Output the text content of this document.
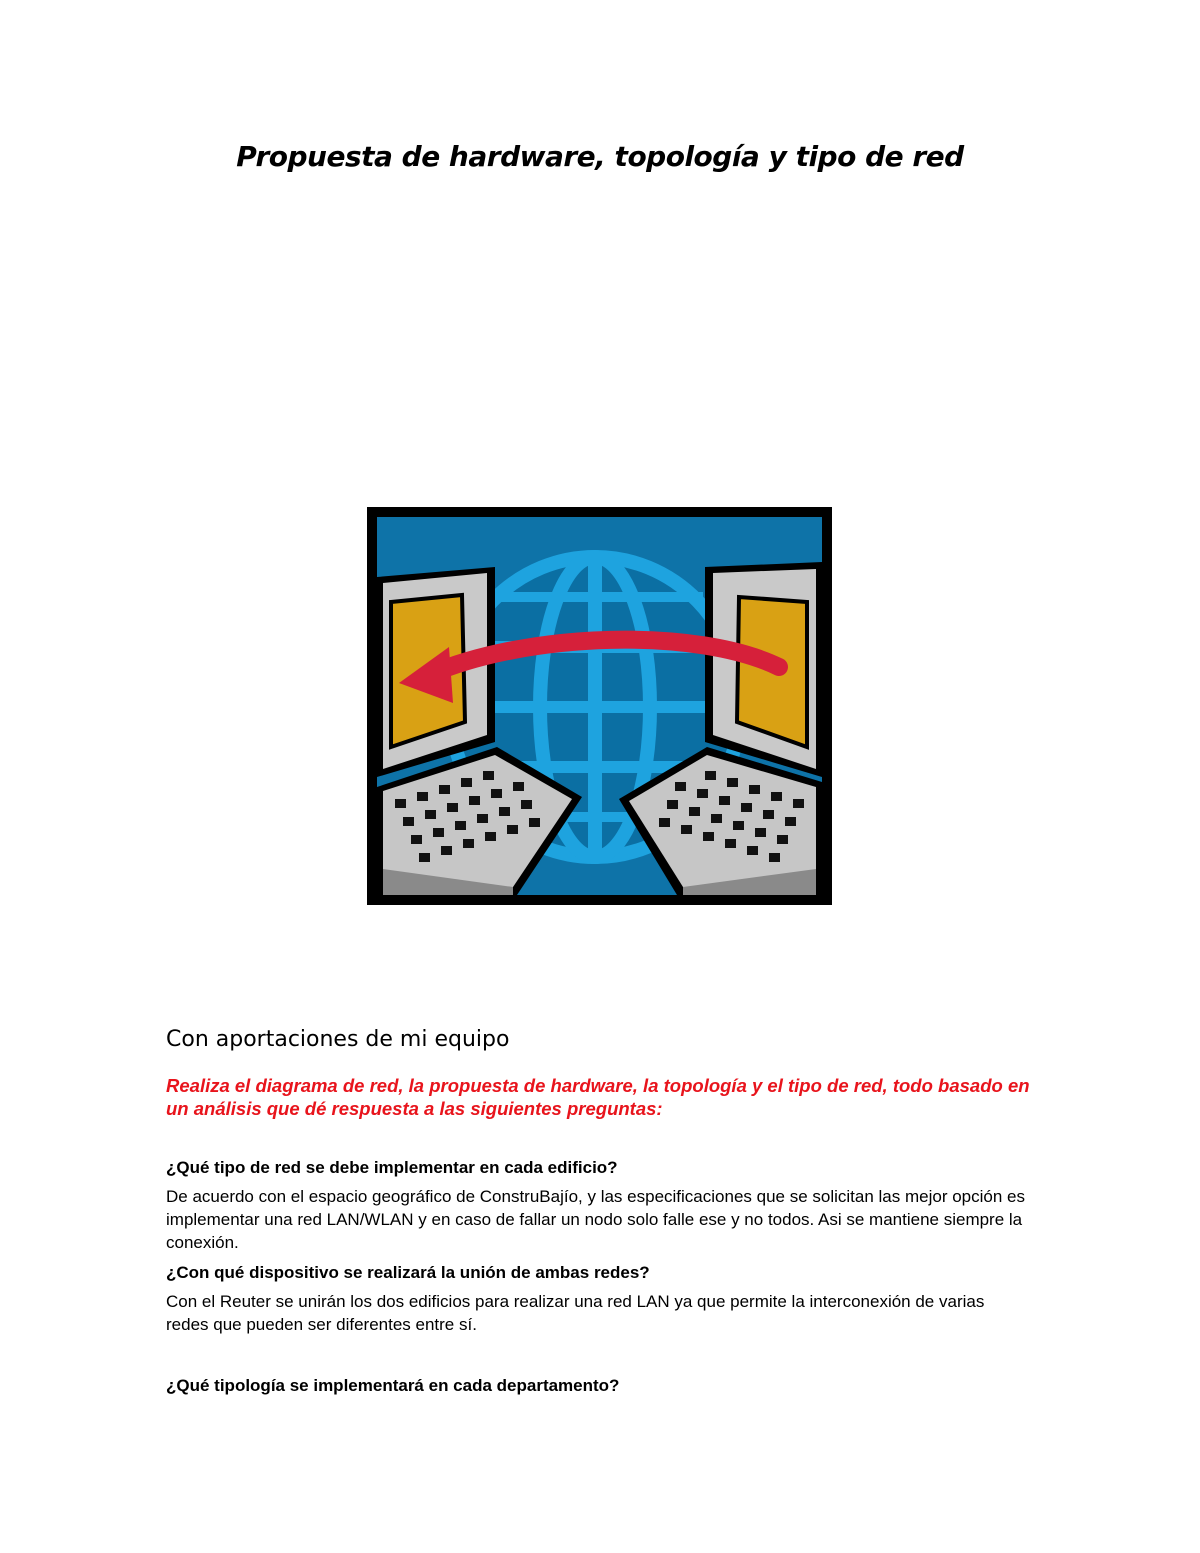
Propuesta de hardware, topología y tipo de red
Con aportaciones de mi equipo
Realiza el diagrama de red, la propuesta de hardware, la topología y el tipo de red, todo basado en un análisis que dé respuesta a las siguientes preguntas:
¿Qué tipo de red se debe implementar en cada edificio?
De acuerdo con el espacio geográfico de ConstruBajío, y las especificaciones que se solicitan las mejor opción es implementar una red LAN/WLAN y en caso de fallar un nodo solo falle ese y no todos. Asi se mantiene siempre la conexión.
¿Con qué dispositivo se realizará la unión de ambas redes?
Con el Reuter se unirán los dos edificios para realizar una red LAN ya que permite la interconexión de varias redes que pueden ser diferentes entre sí.
¿Qué tipología se implementará en cada departamento?
